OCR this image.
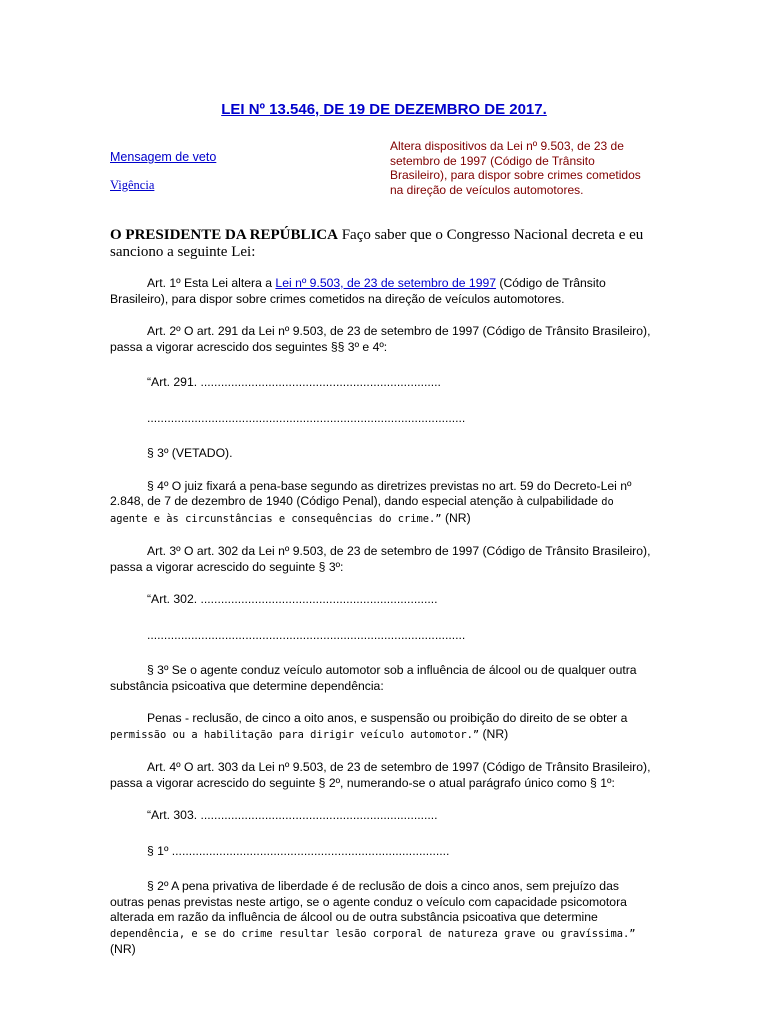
LEI Nº 13.546, DE 19 DE DEZEMBRO DE 2017.
Mensagem de veto
Vigência
Altera dispositivos da Lei nº 9.503, de 23 de setembro de 1997 (Código de Trânsito Brasileiro), para dispor sobre crimes cometidos na direção de veículos automotores.
O PRESIDENTE DA REPÚBLICA Faço saber que o Congresso Nacional decreta e eu sanciono a seguinte Lei:

Art. 1º Esta Lei altera a Lei nº 9.503, de 23 de setembro de 1997 (Código de Trânsito Brasileiro), para dispor sobre crimes cometidos na direção de veículos automotores.

Art. 2º O art. 291 da Lei nº 9.503, de 23 de setembro de 1997 (Código de Trânsito Brasileiro), passa a vigorar acrescido dos seguintes §§ 3º e 4º:

“Art. 291. .......................................................................

..............................................................................................

§ 3º (VETADO).

§ 4º O juiz fixará a pena-base segundo as diretrizes previstas no art. 59 do Decreto-Lei nº 2.848, de 7 de dezembro de 1940 (Código Penal), dando especial atenção à culpabilidade do agente e às circunstâncias e consequências do crime.” (NR)

Art. 3º O art. 302 da Lei nº 9.503, de 23 de setembro de 1997 (Código de Trânsito Brasileiro), passa a vigorar acrescido do seguinte § 3º:

“Art. 302. ......................................................................

..............................................................................................

§ 3º Se o agente conduz veículo automotor sob a influência de álcool ou de qualquer outra substância psicoativa que determine dependência:

Penas - reclusão, de cinco a oito anos, e suspensão ou proibição do direito de se obter a permissão ou a habilitação para dirigir veículo automotor.” (NR)

Art. 4º O art. 303 da Lei nº 9.503, de 23 de setembro de 1997 (Código de Trânsito Brasileiro), passa a vigorar acrescido do seguinte § 2º, numerando-se o atual parágrafo único como § 1º:

“Art. 303. ......................................................................

§ 1º ..................................................................................

§ 2º A pena privativa de liberdade é de reclusão de dois a cinco anos, sem prejuízo das outras penas previstas neste artigo, se o agente conduz o veículo com capacidade psicomotora alterada em razão da influência de álcool ou de outra substância psicoativa que determine dependência, e se do crime resultar lesão corporal de natureza grave ou gravíssima.” (NR)
